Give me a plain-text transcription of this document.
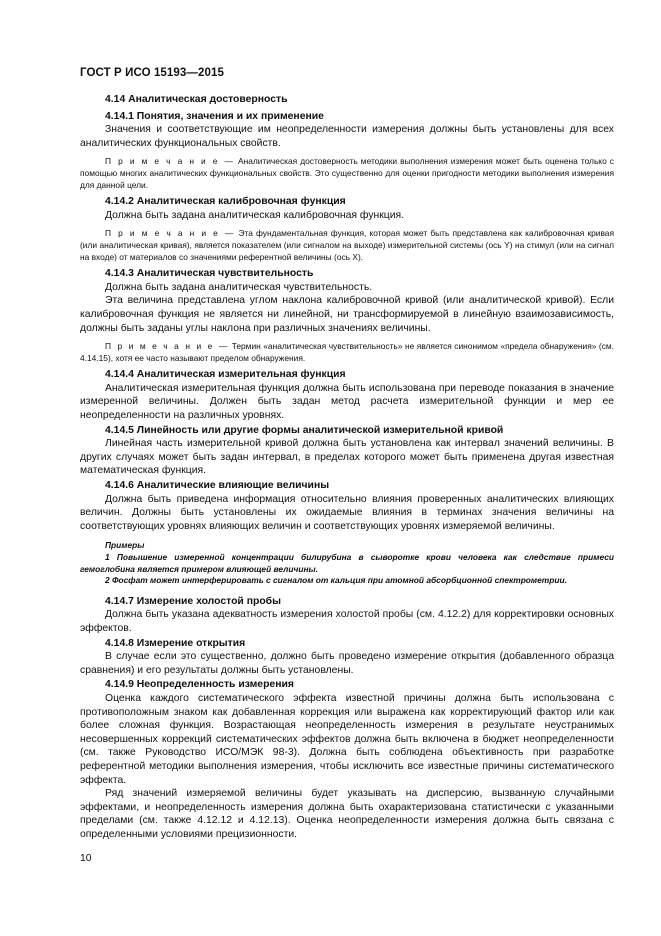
ГОСТ Р ИСО 15193—2015
4.14 Аналитическая достоверность
4.14.1 Понятия, значения и их применение

Значения и соответствующие им неопределенности измерения должны быть установлены для всех аналитических функциональных свойств.

П р и м е ч а н и е — Аналитическая достоверность методики выполнения измерения может быть оценена только с помощью многих аналитических функциональных свойств. Это существенно для оценки пригодности методики выполнения измерения для данной цели.
4.14.2 Аналитическая калибровочная функция

Должна быть задана аналитическая калибровочная функция.

П р и м е ч а н и е — Эта фундаментальная функция, которая может быть представлена как калибровочная кривая (или аналитическая кривая), является показателем (или сигналом на выходе) измерительной системы (ось Y) на стимул (или на сигнал на входе) от материалов со значениями референтной величины (ось X).
4.14.3 Аналитическая чувствительность

Должна быть задана аналитическая чувствительность.

Эта величина представлена углом наклона калибровочной кривой (или аналитической кривой). Если калибровочная функция не является ни линейной, ни трансформируемой в линейную взаимозависимость, должны быть заданы углы наклона при различных значениях величины.

П р и м е ч а н и е — Термин «аналитическая чувствительность» не является синонимом «предела обнаружения» (см. 4.14.15), хотя ее часто называют пределом обнаружения.
4.14.4 Аналитическая измерительная функция

Аналитическая измерительная функция должна быть использована при переводе показания в значение измеренной величины. Должен быть задан метод расчета измерительной функции и мер ее неопределенности на различных уровнях.

4.14.5 Линейность или другие формы аналитической измерительной кривой

Линейная часть измерительной кривой должна быть установлена как интервал значений величины. В других случаях может быть задан интервал, в пределах которого может быть применена другая известная математическая функция.

4.14.6 Аналитические влияющие величины

Должна быть приведена информация относительно влияния проверенных аналитических влияющих величин. Должны быть установлены их ожидаемые влияния в терминах значения величины на соответствующих уровнях влияющих величин и соответствующих уровнях измеряемой величины.

Примеры
1 Повышение измеренной концентрации билирубина в сыворотке крови человека как следствие примеси гемоглобина является примером влияющей величины.
2 Фосфат может интерферировать с сигналом от кальция при атомной абсорбционной спектрометрии.
4.14.7 Измерение холостой пробы

Должна быть указана адекватность измерения холостой пробы (см. 4.12.2) для корректировки основных эффектов.

4.14.8 Измерение открытия

В случае если это существенно, должно быть проведено измерение открытия (добавленного образца сравнения) и его результаты должны быть установлены.

4.14.9 Неопределенность измерения

Оценка каждого систематического эффекта известной причины должна быть использована с противоположным знаком как добавленная коррекция или выражена как корректирующий фактор или как более сложная функция. Возрастающая неопределенность измерения в результате неустранимых несовершенных коррекций систематических эффектов должна быть включена в бюджет неопределенности (см. также Руководство ИСО/МЭК 98-3). Должна быть соблюдена объективность при разработке референтной методики выполнения измерения, чтобы исключить все известные причины систематического эффекта.

Ряд значений измеряемой величины будет указывать на дисперсию, вызванную случайными эффектами, и неопределенность измерения должна быть охарактеризована статистически с указанными пределами (см. также 4.12.12 и 4.12.13). Оценка неопределенности измерения должна быть связана с определенными условиями прецизионности.

10
